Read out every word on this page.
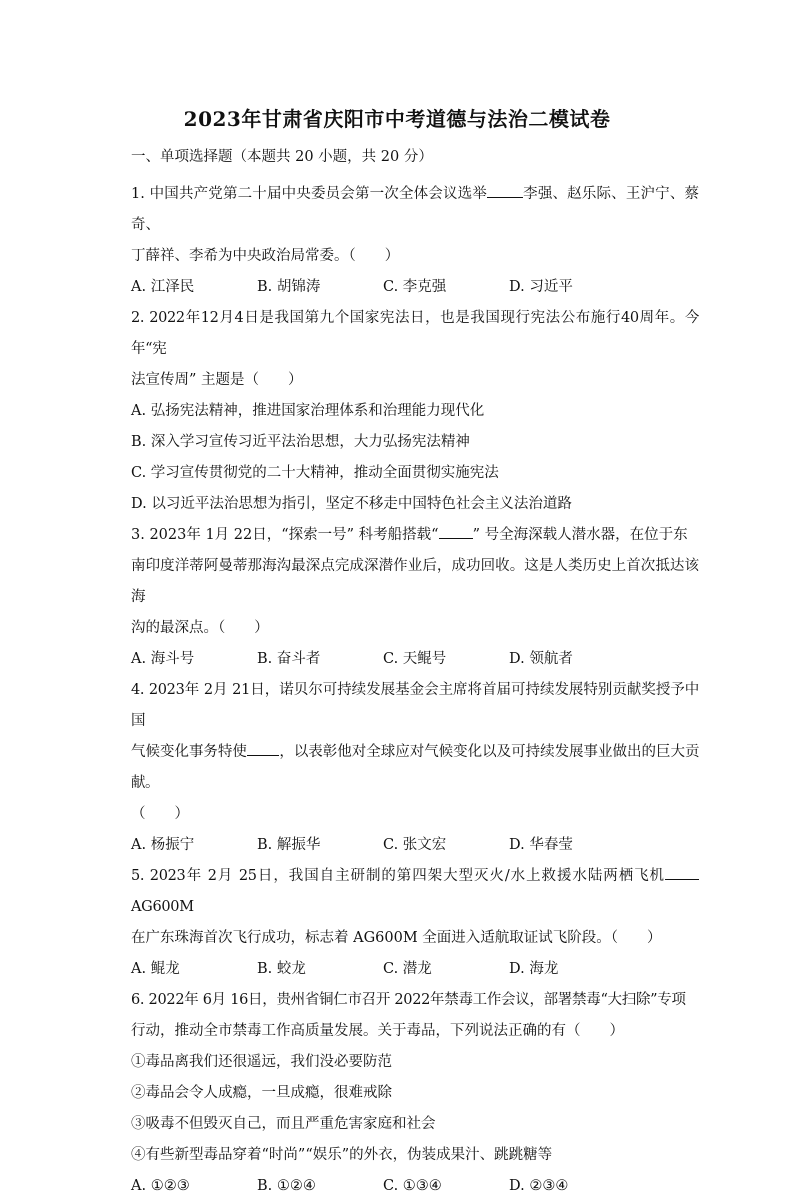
2023年甘肃省庆阳市中考道德与法治二模试卷
一、单项选择题（本题共 20 小题，共 20 分）

1. 中国共产党第二十届中央委员会第一次全体会议选举 李强、赵乐际、王沪宁、蔡奇、

丁薛祥、李希为中央政治局常委。（　　）

A. 江泽民	B. 胡锦涛	C. 李克强	D. 习近平

2. 2022年12月4日是我国第九个国家宪法日，也是我国现行宪法公布施行40周年。今年“宪

法宣传周” 主题是（　　）

A. 弘扬宪法精神，推进国家治理体系和治理能力现代化

B. 深入学习宣传习近平法治思想，大力弘扬宪法精神

C. 学习宣传贯彻党的二十大精神，推动全面贯彻实施宪法

D. 以习近平法治思想为指引，坚定不移走中国特色社会主义法治道路

3. 2023年 1月 22日，“探索一号” 科考船搭载“ ” 号全海深载人潜水器，在位于东

南印度洋蒂阿曼蒂那海沟最深点完成深潜作业后，成功回收。这是人类历史上首次抵达该海

沟的最深点。（　　）

A. 海斗号	B. 奋斗者	C. 天鲲号	D. 领航者

4. 2023年 2月 21日，诺贝尔可持续发展基金会主席将首届可持续发展特别贡献奖授予中国

气候变化事务特使 ，以表彰他对全球应对气候变化以及可持续发展事业做出的巨大贡献。

（　　）

A. 杨振宁	B. 解振华	C. 张文宏	D. 华春莹

5. 2023年 2月 25日，我国自主研制的第四架大型灭火/水上救援水陆两栖飞机AG600M

在广东珠海首次飞行成功，标志着 AG600M 全面进入适航取证试飞阶段。（　　）

A. 鲲龙	B. 蛟龙	C. 潜龙	D. 海龙

6. 2022年 6月 16日，贵州省铜仁市召开 2022年禁毒工作会议，部署禁毒“大扫除”专项

行动，推动全市禁毒工作高质量发展。关于毒品，下列说法正确的有（　　）

①毒品离我们还很遥远，我们没必要防范

②毒品会令人成瘾，一旦成瘾，很难戒除

③吸毒不但毁灭自己，而且严重危害家庭和社会

④有些新型毒品穿着“时尚”“娱乐”的外衣，伪装成果汁、跳跳糖等

A. ①②③	B. ①②④	C. ①③④	D. ②③④
